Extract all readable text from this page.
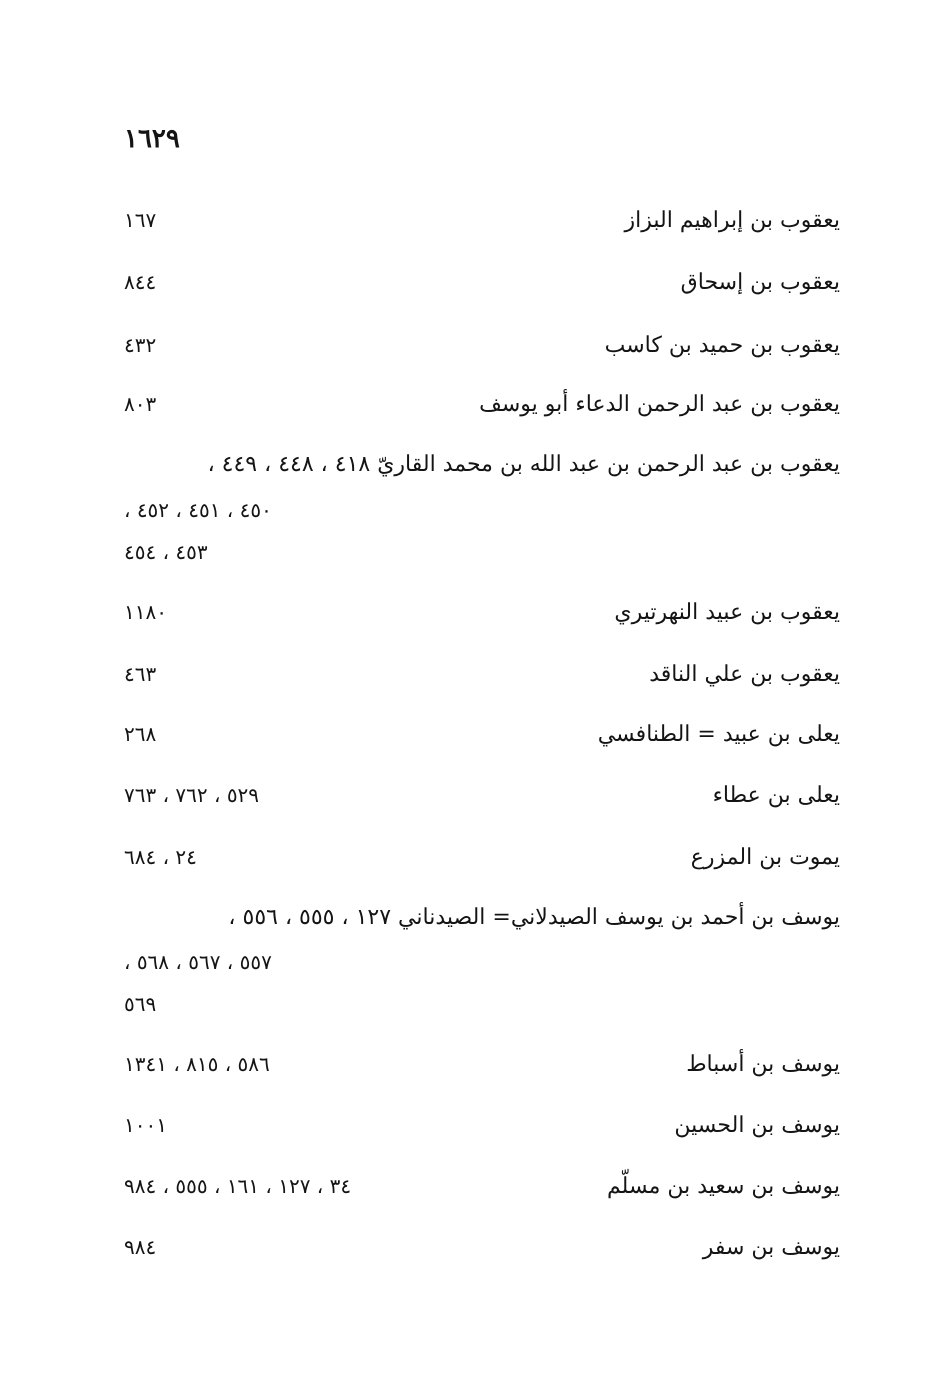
١٦٢٩
يعقوب بن إبراهيم البزاز
١٦٧
يعقوب بن إسحاق
٨٤٤
يعقوب بن حميد بن كاسب
٤٣٢
يعقوب بن عبد الرحمن الدعاء أبو يوسف
٨٠٣
يعقوب بن عبد الرحمن بن عبد الله بن محمد القاريّ ٤١٨ ، ٤٤٨ ، ٤٤٩ ،
٤٥٠ ، ٤٥١ ، ٤٥٢ ،
٤٥٣ ، ٤٥٤
يعقوب بن عبيد النهرتيري
١١٨٠
يعقوب بن علي الناقد
٤٦٣
يعلى بن عبيد = الطنافسي
٢٦٨
يعلى بن عطاء
٥٢٩ ، ٧٦٢ ، ٧٦٣
يموت بن المزرع
٢٤ ، ٦٨٤
يوسف بن أحمد بن يوسف الصيدلاني= الصيدناني ١٢٧ ، ٥٥٥ ، ٥٥٦ ،
٥٥٧ ، ٥٦٧ ، ٥٦٨ ،
٥٦٩
يوسف بن أسباط
٥٨٦ ، ٨١٥ ، ١٣٤١
يوسف بن الحسين
١٠٠١
يوسف بن سعيد بن مسلّم
٣٤ ، ١٢٧ ، ١٦١ ، ٥٥٥ ، ٩٨٤
يوسف بن سفر
٩٨٤
